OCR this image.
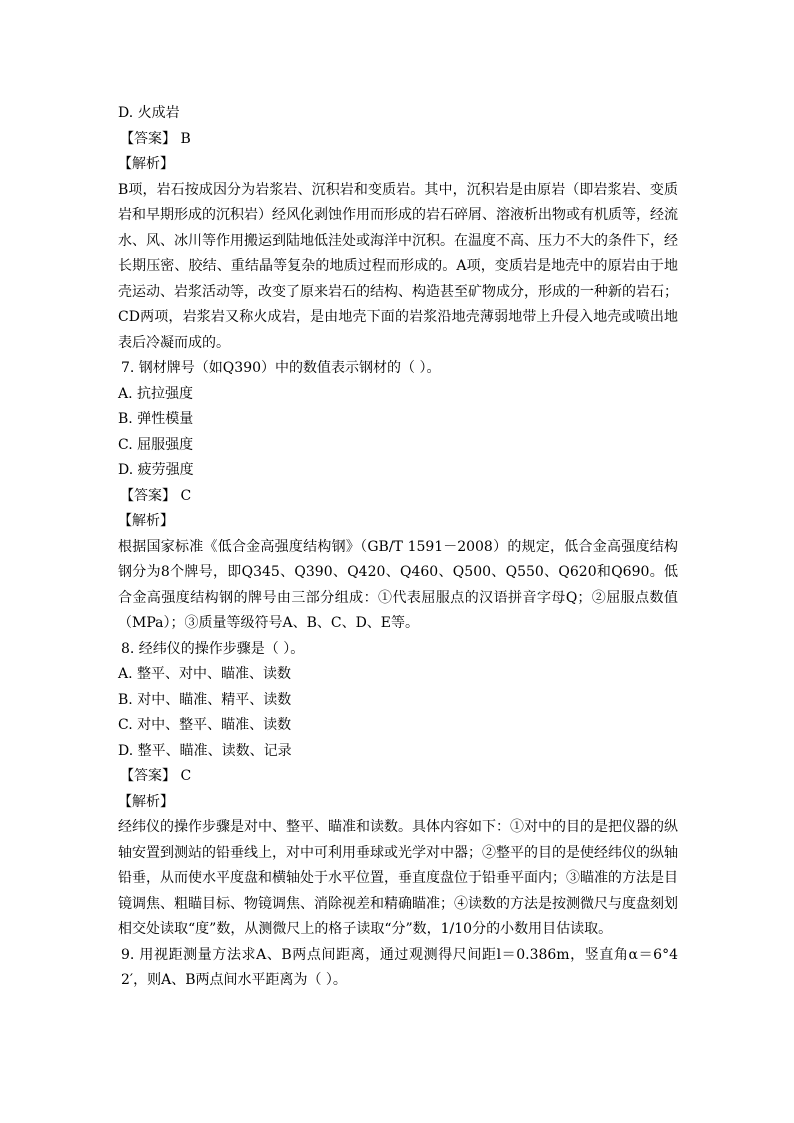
D. 火成岩
【答案】 B
【解析】
B项，岩石按成因分为岩浆岩、沉积岩和变质岩。其中，沉积岩是由原岩（即岩浆岩、变质岩和早期形成的沉积岩）经风化剥蚀作用而形成的岩石碎屑、溶液析出物或有机质等，经流水、风、冰川等作用搬运到陆地低洼处或海洋中沉积。在温度不高、压力不大的条件下，经长期压密、胶结、重结晶等复杂的地质过程而形成的。A项，变质岩是地壳中的原岩由于地壳运动、岩浆活动等，改变了原来岩石的结构、构造甚至矿物成分，形成的一种新的岩石；CD两项，岩浆岩又称火成岩，是由地壳下面的岩浆沿地壳薄弱地带上升侵入地壳或喷出地表后冷凝而成的。
7. 钢材牌号（如Q390）中的数值表示钢材的（ ）。
A. 抗拉强度
B. 弹性模量
C. 屈服强度
D. 疲劳强度
【答案】 C
【解析】
根据国家标准《低合金高强度结构钢》（GB/T 1591－2008）的规定，低合金高强度结构钢分为8个牌号，即Q345、Q390、Q420、Q460、Q500、Q550、Q620和Q690。低合金高强度结构钢的牌号由三部分组成：①代表屈服点的汉语拼音字母Q；②屈服点数值（MPa）；③质量等级符号A、B、C、D、E等。
8. 经纬仪的操作步骤是（ ）。
A. 整平、对中、瞄准、读数
B. 对中、瞄准、精平、读数
C. 对中、整平、瞄准、读数
D. 整平、瞄准、读数、记录
【答案】 C
【解析】
经纬仪的操作步骤是对中、整平、瞄准和读数。具体内容如下：①对中的目的是把仪器的纵轴安置到测站的铅垂线上，对中可利用垂球或光学对中器；②整平的目的是使经纬仪的纵轴铅垂，从而使水平度盘和横轴处于水平位置，垂直度盘位于铅垂平面内；③瞄准的方法是目镜调焦、粗瞄目标、物镜调焦、消除视差和精确瞄准；④读数的方法是按测微尺与度盘刻划相交处读取“度”数，从测微尺上的格子读取“分”数，1/10分的小数用目估读取。
9. 用视距测量方法求A、B两点间距离，通过观测得尺间距l＝0.386m，竖直角α＝6°42′，则A、B两点间水平距离为（ ）。
